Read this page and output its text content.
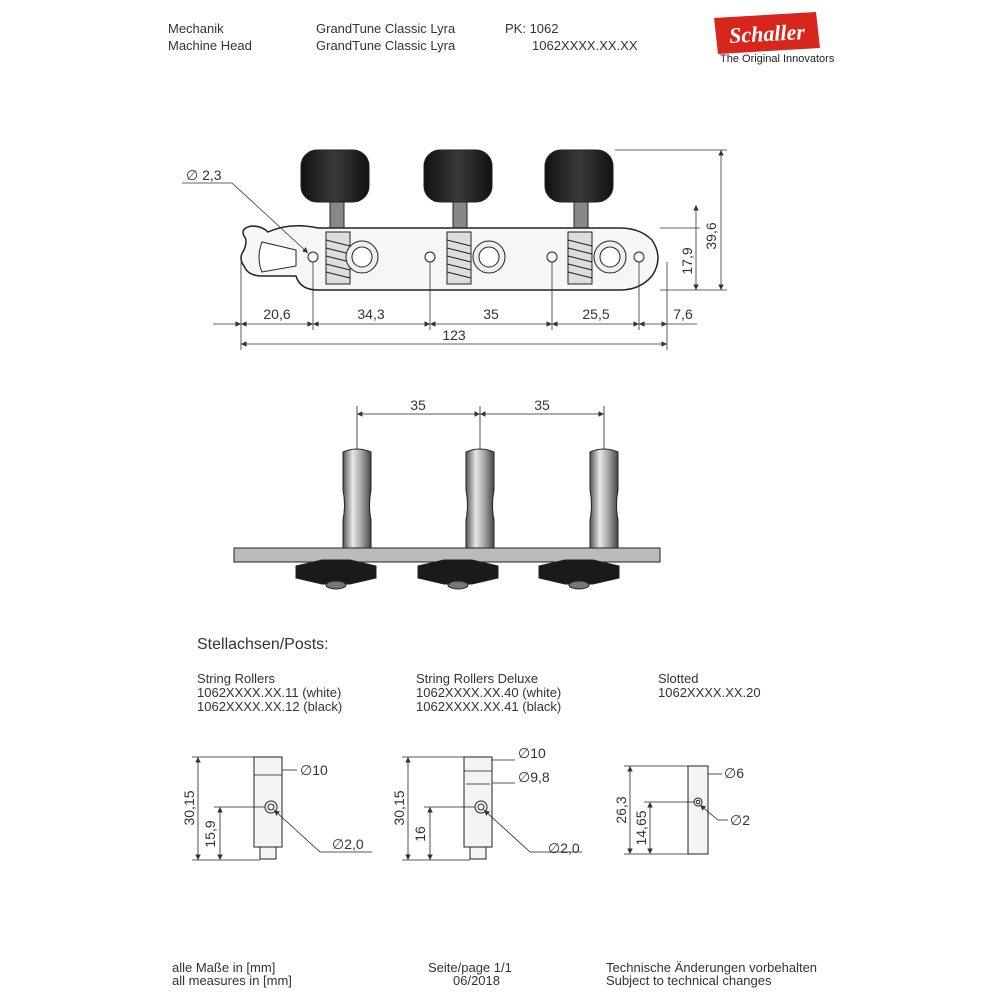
Mechanik
Machine Head
GrandTune Classic Lyra
GrandTune Classic Lyra
PK: 1062
1062XXXX.XX.XX	Schaller
The Original Innovators
∅ 2,3
39,6
17,9
20,6	34,3	35	25,5	7,6
123
35	35
30,15
15,9
∅10
∅2,0
30,15
16
∅10
∅9,8
∅2,0
26,3
14,65
∅6
∅2
Stellachsen/Posts:
String Rollers
1062XXXX.XX.11 (white)
1062XXXX.XX.12 (black)
String Rollers Deluxe
1062XXXX.XX.40 (white)
1062XXXX.XX.41 (black)
Slotted
1062XXXX.XX.20
alle Maße in [mm]
all measures in [mm]
Seite/page 1/1
06/2018
Technische Änderungen vorbehalten
Subject to technical changes
